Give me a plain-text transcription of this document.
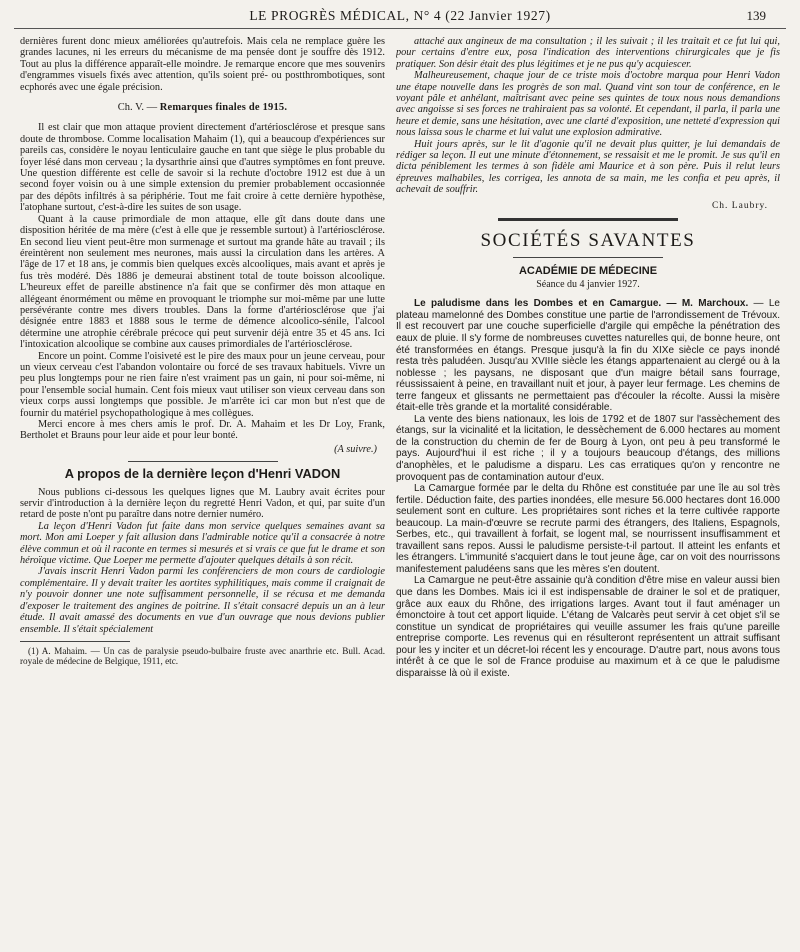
LE PROGRÈS MÉDICAL, N° 4 (22 Janvier 1927)	139

dernières furent donc mieux améliorées qu'autrefois. Mais cela ne remplace guère les grandes lacunes, ni les erreurs du mécanisme de ma pensée dont je souffre dès 1912. Tout au plus la différence apparaît-elle moindre. Je remarque encore que mes souvenirs d'engrammes visuels fixés avec attention, qu'ils soient pré- ou postthrombotiques, sont ecphorés avec une égale précision.

Ch. V. — Remarques finales de 1915.

Il est clair que mon attaque provient directement d'artériosclérose et presque sans doute de thrombose. Comme localisation Mahaim (1), qui a beaucoup d'expériences sur pareils cas, considère le noyau lenticulaire gauche en tant que siège le plus probable du foyer lésé dans mon cerveau ; la dysarthrie ainsi que d'autres symptômes en font preuve. Une question différente est celle de savoir si la rechute d'octobre 1912 est due à un second foyer voisin ou à une simple extension du premier probablement occasionnée par des dépôts infiltrés à sa périphérie. Tout me fait croire à cette dernière hypothèse, l'atophane surtout, c'est-à-dire les suites de son usage.

Quant à la cause primordiale de mon attaque, elle gît dans doute dans une disposition héritée de ma mère (c'est à elle que je ressemble surtout) à l'artériosclérose. En second lieu vient peut-être mon surmenage et surtout ma grande hâte au travail ; ils éreintèrent non seulement mes neurones, mais aussi la circulation dans les artères. A l'âge de 17 et 18 ans, je commis bien quelques excès alcooliques, mais avant et après je fus très modéré. Dès 1886 je demeurai abstinent total de toute boisson alcoolique. L'heureux effet de pareille abstinence n'a fait que se confirmer dès mon attaque en allégeant énormément ou même en provoquant le triomphe sur moi-même par une lutte persévérante contre mes divers troubles. Dans la forme d'artériosclérose que j'ai désignée entre 1883 et 1888 sous le terme de démence alcoolico-sénile, l'alcool détermine une atrophie cérébrale précoce qui peut survenir déjà entre 35 et 45 ans. Ici l'intoxication alcoolique se combine aux causes primordiales de l'artériosclérose.

Encore un point. Comme l'oisiveté est le pire des maux pour un jeune cerveau, pour un vieux cerveau c'est l'abandon volontaire ou forcé de ses travaux habituels. Vivre un peu plus longtemps pour ne rien faire n'est vraiment pas un gain, ni pour soi-même, ni pour l'ensemble social humain. Cent fois mieux vaut utiliser son vieux cerveau dans son vieux corps aussi longtemps que possible. Je m'arrête ici car mon but n'est que de fournir du matériel psychopathologique à mes collègues.

Merci encore à mes chers amis le prof. Dr. A. Mahaim et les Dr Loy, Frank, Bertholet et Brauns pour leur aide et pour leur bonté.

(A suivre.)

A propos de la dernière leçon d'Henri VADON

Nous publions ci-dessous les quelques lignes que M. Laubry avait écrites pour servir d'introduction à la dernière leçon du regretté Henri Vadon, et qui, par suite d'un retard de poste n'ont pu paraître dans notre dernier numéro.

La leçon d'Henri Vadon fut faite dans mon service quelques semaines avant sa mort. Mon ami Loeper y fait allusion dans l'admirable notice qu'il a consacrée à notre élève commun et où il raconte en termes si mesurés et si vrais ce que fut le drame et son héroïque victime. Que Loeper me permette d'ajouter quelques détails à son récit.

J'avais inscrit Henri Vadon parmi les conférenciers de mon cours de cardiologie complémentaire. Il y devait traiter les aortites syphilitiques, mais comme il craignait de n'y pouvoir donner une note suffisamment personnelle, il se récusa et me demanda d'exposer le traitement des angines de poitrine. Il s'était consacré depuis un an à leur étude. Il avait amassé des documents en vue d'un ouvrage que nous devions publier ensemble. Il s'était spécialement

(1) A. Mahaim. — Un cas de paralysie pseudo-bulbaire fruste avec anarthrie etc. Bull. Acad. royale de médecine de Belgique, 1911, etc.

attaché aux angineux de ma consultation ; il les suivait ; il les traitait et ce fut lui qui, pour certains d'entre eux, posa l'indication des interventions chirurgicales que je fis pratiquer. Son désir était des plus légitimes et je ne pus qu'y acquiescer.

Malheureusement, chaque jour de ce triste mois d'octobre marqua pour Henri Vadon une étape nouvelle dans les progrès de son mal. Quand vint son tour de conférence, en le voyant pâle et anhélant, maîtrisant avec peine ses quintes de toux nous nous demandions avec angoisse si ses forces ne trahiraient pas sa volonté. Et cependant, il parla, il parla une heure et demie, sans une hésitation, avec une clarté d'exposition, une netteté d'expression qui nous laissa sous le charme et lui valut une explosion admirative.

Huit jours après, sur le lit d'agonie qu'il ne devait plus quitter, je lui demandais de rédiger sa leçon. Il eut une minute d'étonnement, se ressaisit et me le promit. Je sus qu'il en dicta péniblement les termes à son fidèle ami Maurice et à son père. Puis il relut leurs épreuves malhabiles, les corrigea, les annota de sa main, me les confia et peu après, il achevait de souffrir.

Ch. Laubry.

SOCIÉTÉS SAVANTES
ACADÉMIE DE MÉDECINE
Séance du 4 janvier 1927.

Le paludisme dans les Dombes et en Camargue. — M. Marchoux. — Le plateau mamelonné des Dombes constitue une partie de l'arrondissement de Trévoux. Il est recouvert par une couche superficielle d'argile qui empêche la pénétration des eaux de pluie. Il s'y forme de nombreuses cuvettes naturelles qui, de bonne heure, ont été transformées en étangs. Presque jusqu'à la fin du XIXe siècle ce pays inondé resta très paludéen. Jusqu'au XVIIIe siècle les étangs appartenaient au clergé ou à la noblesse ; les paysans, ne disposant que d'un maigre bétail sans fourrage, réussissaient à peine, en travaillant nuit et jour, à payer leur fermage. Les chemins de terre fangeux et glissants ne permettaient pas d'écouler la récolte. Aussi la misère était-elle très grande et la mortalité considérable.

La vente des biens nationaux, les lois de 1792 et de 1807 sur l'assèchement des étangs, sur la vicinalité et la licitation, le dessèchement de 6.000 hectares au moment de la construction du chemin de fer de Bourg à Lyon, ont peu à peu transformé le pays. Aujourd'hui il est riche ; il y a toujours beaucoup d'étangs, des millions d'anophèles, et le paludisme a disparu. Les cas erratiques qu'on y rencontre ne provoquent pas de contamination autour d'eux.

La Camargue formée par le delta du Rhône est constituée par une île au sol très fertile. Déduction faite, des parties inondées, elle mesure 56.000 hectares dont 16.000 seulement sont en culture. Les propriétaires sont riches et la terre cultivée rapporte beaucoup. La main-d'œuvre se recrute parmi des étrangers, des Italiens, Espagnols, Serbes, etc., qui travaillent à forfait, se logent mal, se nourrissent insuffisamment et travaillent sans repos. Aussi le paludisme persiste-t-il partout. Il atteint les enfants et les étrangers. L'immunité s'acquiert dans le tout jeune âge, car on voit des nourrissons manifestement paludéens sans que les mères s'en doutent.

La Camargue ne peut-être assainie qu'à condition d'être mise en valeur aussi bien que dans les Dombes. Mais ici il est indispensable de drainer le sol et de pratiquer, grâce aux eaux du Rhône, des irrigations larges. Avant tout il faut aménager un émonctoire à tout cet apport liquide. L'étang de Valcarès peut servir à cet objet s'il se constitue un syndicat de propriétaires qui veuille assumer les frais qu'une pareille entreprise comporte. Les revenus qui en résulteront représentent un attrait suffisant pour les y inciter et un décret-loi récent les y encourage. D'autre part, nous avons tous intérêt à ce que le sol de France produise au maximum et à ce que le paludisme disparaisse là où il existe.
